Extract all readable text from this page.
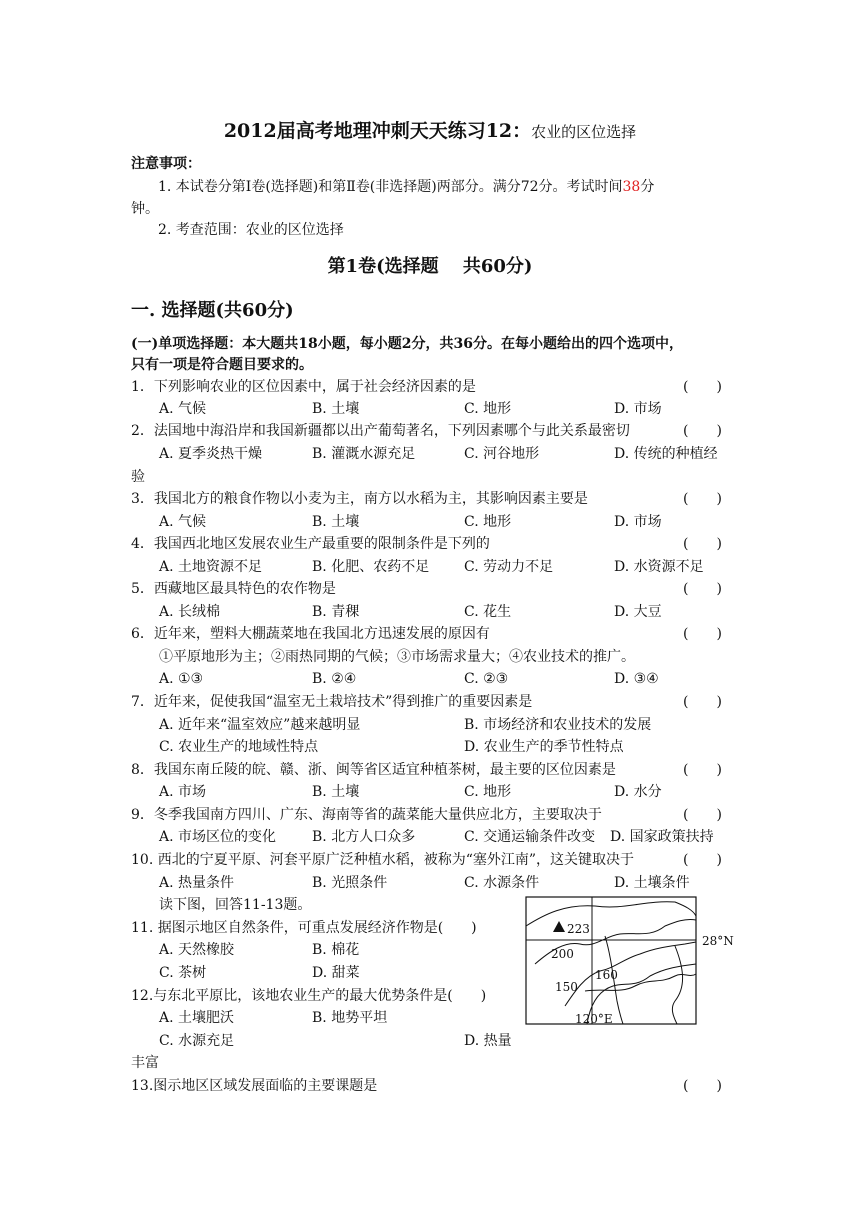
2012届高考地理冲刺天天练习12：农业的区位选择
注意事项：
1. 本试卷分第Ⅰ卷(选择题)和第Ⅱ卷(非选择题)两部分。满分72分。考试时间38分
钟。
2. 考查范围：农业的区位选择
第1卷(选择题　 共60分)
一. 选择题(共60分)
(一)单项选择题：本大题共18小题，每小题2分，共36分。在每小题给出的四个选项中，
只有一项是符合题目要求的。
1．下列影响农业的区位因素中，属于社会经济因素的是	(　　)
A. 气候	B. 土壤	C. 地形	D. 市场
2．法国地中海沿岸和我国新疆都以出产葡萄著名，下列因素哪个与此关系最密切	(　　)
A. 夏季炎热干燥	B. 灌溉水源充足	C. 河谷地形	D. 传统的种植经
验
3．我国北方的粮食作物以小麦为主，南方以水稻为主，其影响因素主要是	(　　)
A. 气候	B. 土壤	C. 地形	D. 市场
4．我国西北地区发展农业生产最重要的限制条件是下列的	(　　)
A. 土地资源不足	B. 化肥、农药不足 C. 劳动力不足	D. 水资源不足
5．西藏地区最具特色的农作物是	(　　)
A. 长绒棉	B. 青稞	C. 花生	D. 大豆
6．近年来，塑料大棚蔬菜地在我国北方迅速发展的原因有	(　　)
①平原地形为主；②雨热同期的气候；③市场需求量大；④农业技术的推广。
A. ①③	B. ②④	C. ②③	D. ③④
7．近年来，促使我国“温室无土栽培技术”得到推广的重要因素是	(　　)
A. 近年来“温室效应”越来越明显	B. 市场经济和农业技术的发展
C. 农业生产的地域性特点	D. 农业生产的季节性特点
8．我国东南丘陵的皖、赣、浙、闽等省区适宜种植茶树，最主要的区位因素是	(　　)
A. 市场	B. 土壤	C. 地形	D. 水分
9．冬季我国南方四川、广东、海南等省的蔬菜能大量供应北方，主要取决于	(　　)
A. 市场区位的变化	B. 北方人口众多	C. 交通运输条件改变 D. 国家政策扶持
10. 西北的宁夏平原、河套平原广泛种植水稻，被称为“塞外江南”，这关键取决于	(　　)
A. 热量条件	B. 光照条件	C. 水源条件	D. 土壤条件
读下图，回答11-13题。
11. 据图示地区自然条件，可重点发展经济作物是(　　)
A. 天然橡胶	B. 棉花
C. 茶树	D. 甜菜
12.与东北平原比，该地农业生产的最大优势条件是(　　)
A. 土壤肥沃	B. 地势平坦
C. 水源充足	D. 热量
丰富
13.图示地区区域发展面临的主要课题是	(　　)
223
200
160
150
28°N
120°E
